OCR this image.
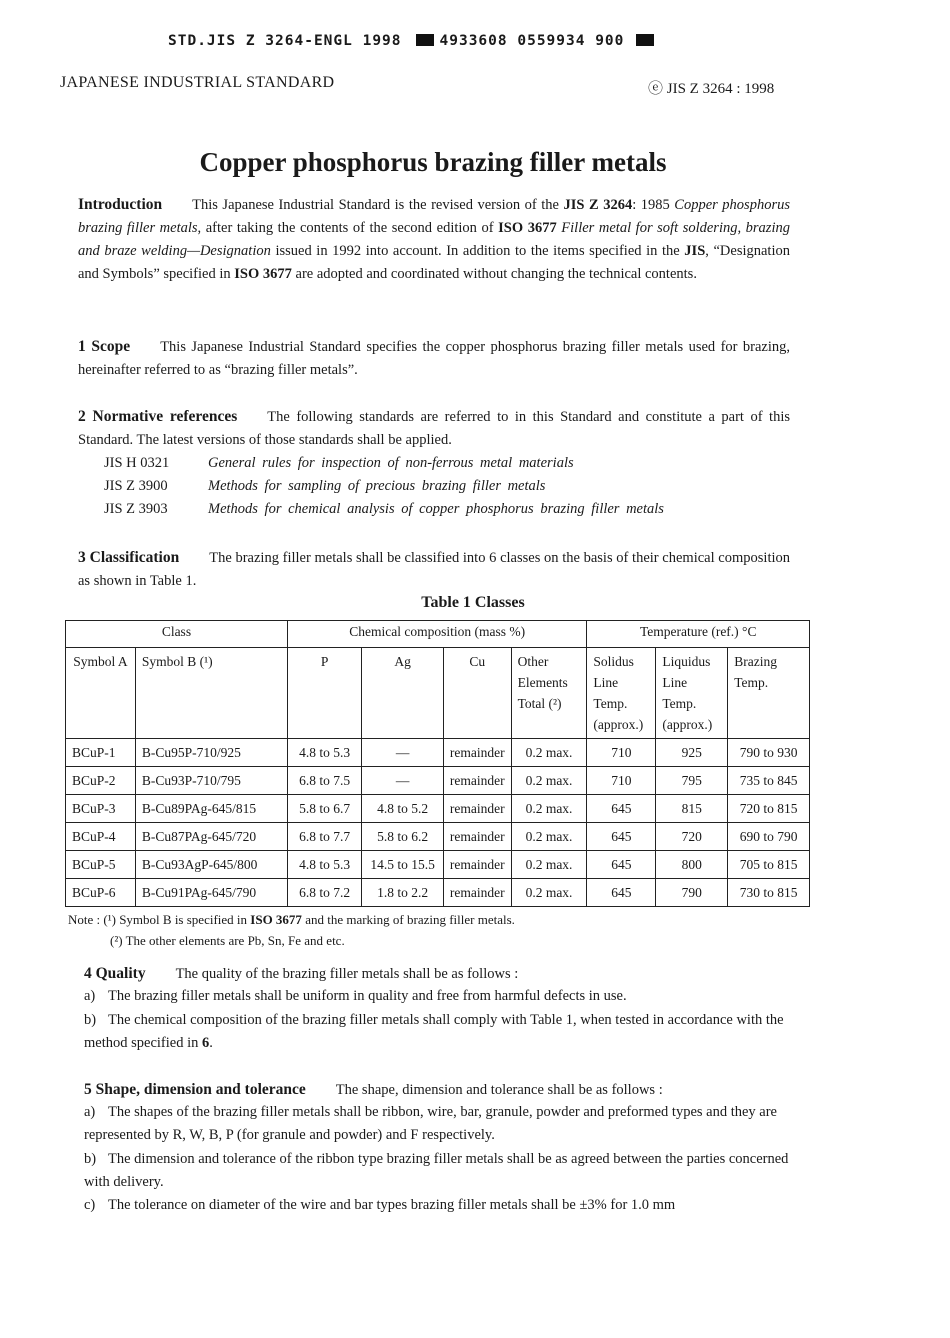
STD.JIS Z 3264-ENGL 1998	4933608 0559934 900
JAPANESE INDUSTRIAL STANDARD	ⓔ JIS Z 3264 : 1998
Copper phosphorus brazing filler metals
Introduction This Japanese Industrial Standard is the revised version of the JIS Z 3264: 1985 Copper phosphorus brazing filler metals, after taking the contents of the second edition of ISO 3677 Filler metal for soft soldering, brazing and braze welding—Designation issued in 1992 into account. In addition to the items specified in the JIS, “Designation and Symbols” specified in ISO 3677 are adopted and coordinated without changing the technical contents.
1 Scope This Japanese Industrial Standard specifies the copper phosphorus brazing filler metals used for brazing, hereinafter referred to as “brazing filler metals”.
2 Normative references The following standards are referred to in this Standard and constitute a part of this Standard. The latest versions of those standards shall be applied.
JIS H 0321	General rules for inspection of non-ferrous metal materials
JIS Z 3900	Methods for sampling of precious brazing filler metals
JIS Z 3903	Methods for chemical analysis of copper phosphorus brazing filler metals
3 Classification The brazing filler metals shall be classified into 6 classes on the basis of their chemical composition as shown in Table 1.
Table 1 Classes
Class		Chemical composition (mass %)				Temperature (ref.) °C		
Symbol A	Symbol B (¹)	P	Ag	Cu	Other Elements Total (²)	Solidus Line Temp. (approx.)	Liquidus Line Temp. (approx.)	Brazing Temp.
BCuP-1	B-Cu95P-710/925	4.8 to 5.3	—	remainder	0.2 max.	710	925	790 to 930
BCuP-2	B-Cu93P-710/795	6.8 to 7.5	—	remainder	0.2 max.	710	795	735 to 845
BCuP-3	B-Cu89PAg-645/815	5.8 to 6.7	4.8 to 5.2	remainder	0.2 max.	645	815	720 to 815
BCuP-4	B-Cu87PAg-645/720	6.8 to 7.7	5.8 to 6.2	remainder	0.2 max.	645	720	690 to 790
BCuP-5	B-Cu93AgP-645/800	4.8 to 5.3	14.5 to 15.5	remainder	0.2 max.	645	800	705 to 815
BCuP-6	B-Cu91PAg-645/790	6.8 to 7.2	1.8 to 2.2	remainder	0.2 max.	645	790	730 to 815
Note : (¹) Symbol B is specified in ISO 3677 and the marking of brazing filler metals.
(²) The other elements are Pb, Sn, Fe and etc.
4 Quality The quality of the brazing filler metals shall be as follows :
a) The brazing filler metals shall be uniform in quality and free from harmful defects in use.
b) The chemical composition of the brazing filler metals shall comply with Table 1, when tested in accordance with the method specified in 6.
5 Shape, dimension and tolerance The shape, dimension and tolerance shall be as follows :
a) The shapes of the brazing filler metals shall be ribbon, wire, bar, granule, powder and preformed types and they are represented by R, W, B, P (for granule and powder) and F respectively.
b) The dimension and tolerance of the ribbon type brazing filler metals shall be as agreed between the parties concerned with delivery.
c) The tolerance on diameter of the wire and bar types brazing filler metals shall be ±3% for 1.0 mm
